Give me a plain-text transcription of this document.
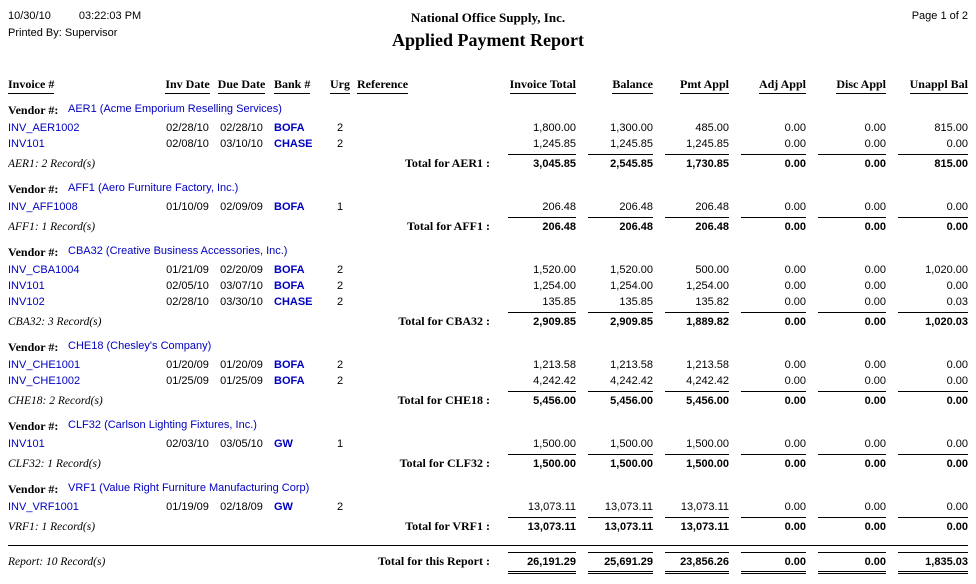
10/30/10	03:22:03 PM
Printed By: Supervisor
National Office Supply, Inc.
Applied Payment Report
Page 1 of 2
Invoice #	Inv Date Due Date Bank #	Urg Reference	Invoice Total	Balance	Pmt Appl	Adj Appl	Disc Appl	Unappl Bal
Vendor #: AER1 (Acme Emporium Reselling Services)
INV_AER1002	02/28/10	02/28/10	BOFA	2	1,800.00	1,300.00	485.00	0.00	0.00	815.00
INV101	02/08/10	03/10/10	CHASE	2	1,245.85	1,245.85	1,245.85	0.00	0.00	0.00
AER1: 2 Record(s)	Total for AER1 :	3,045.85	2,545.85	1,730.85	0.00	0.00	815.00
Vendor #: AFF1 (Aero Furniture Factory, Inc.)
INV_AFF1008	01/10/09	02/09/09	BOFA	1	206.48	206.48	206.48	0.00	0.00	0.00
AFF1: 1 Record(s)	Total for AFF1 :	206.48	206.48	206.48	0.00	0.00	0.00
Vendor #: CBA32 (Creative Business Accessories, Inc.)
INV_CBA1004	01/21/09	02/20/09	BOFA	2	1,520.00	1,520.00	500.00	0.00	0.00	1,020.00
INV101	02/05/10	03/07/10	BOFA	2	1,254.00	1,254.00	1,254.00	0.00	0.00	0.00
INV102	02/28/10	03/30/10	CHASE	2	135.85	135.85	135.82	0.00	0.00	0.03
CBA32: 3 Record(s)	Total for CBA32 :	2,909.85	2,909.85	1,889.82	0.00	0.00	1,020.03
Vendor #: CHE18 (Chesley's Company)
INV_CHE1001	01/20/09	01/20/09	BOFA	2	1,213.58	1,213.58	1,213.58	0.00	0.00	0.00
INV_CHE1002	01/25/09	01/25/09	BOFA	2	4,242.42	4,242.42	4,242.42	0.00	0.00	0.00
CHE18: 2 Record(s)	Total for CHE18 :	5,456.00	5,456.00	5,456.00	0.00	0.00	0.00
Vendor #: CLF32 (Carlson Lighting Fixtures, Inc.)
INV101	02/03/10	03/05/10	GW	1	1,500.00	1,500.00	1,500.00	0.00	0.00	0.00
CLF32: 1 Record(s)	Total for CLF32 :	1,500.00	1,500.00	1,500.00	0.00	0.00	0.00
Vendor #: VRF1 (Value Right Furniture Manufacturing Corp)
INV_VRF1001	01/19/09	02/18/09	GW	2	13,073.11	13,073.11	13,073.11	0.00	0.00	0.00
VRF1: 1 Record(s)	Total for VRF1 :	13,073.11	13,073.11	13,073.11	0.00	0.00	0.00
Report: 10 Record(s)	Total for this Report :	26,191.29	25,691.29	23,856.26	0.00	0.00	1,835.03
